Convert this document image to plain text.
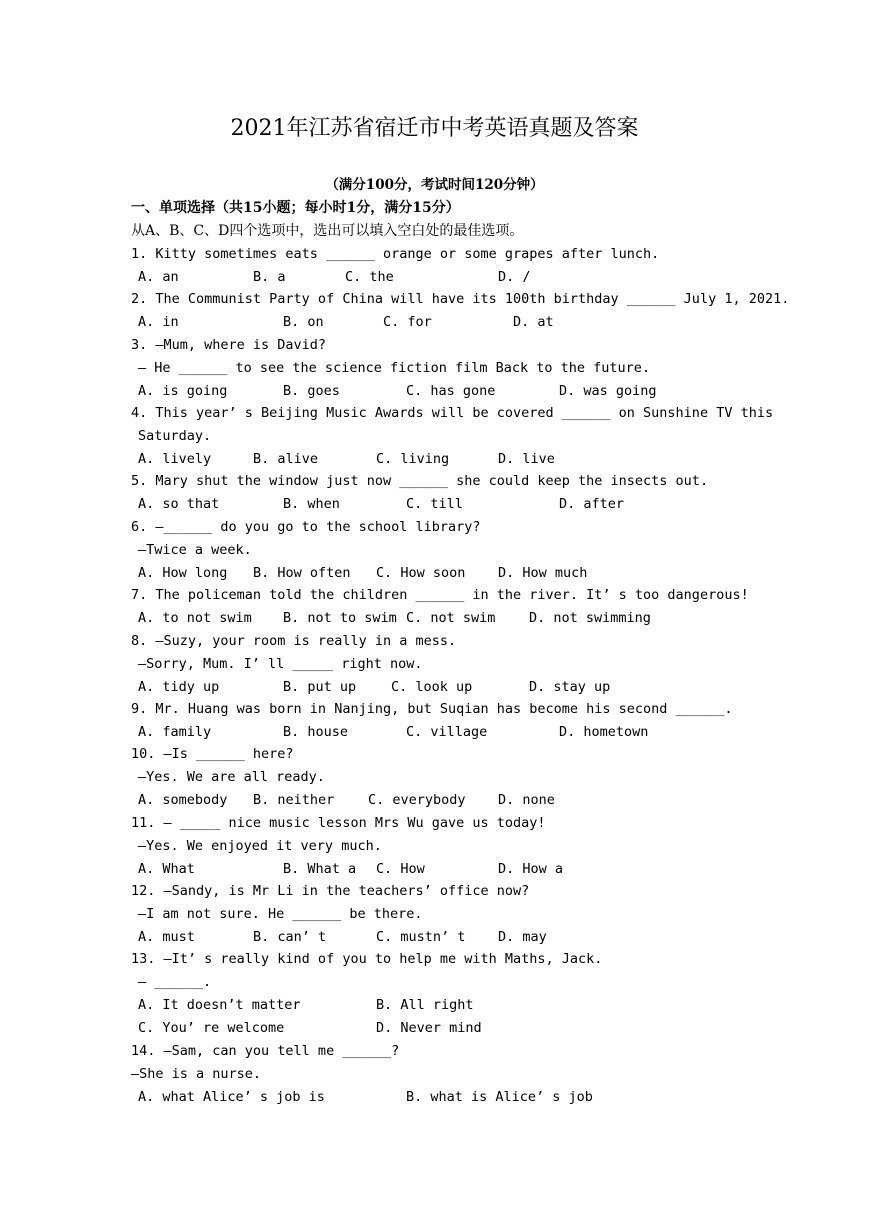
2021年江苏省宿迁市中考英语真题及答案
（满分100分，考试时间120分钟）
一、单项选择（共15小题；每小时1分，满分15分）
从A、B、C、D四个选项中，选出可以填入空白处的最佳选项。
1. Kitty sometimes eats ______ orange or some grapes after lunch.
A. an	B. a	C. the	D. /
2. The Communist Party of China will have its 100th birthday ______ July 1, 2021.
A. in	B. on	C. for	D. at
3. —Mum, where is David?
— He ______ to see the science fiction film Back to the future.
A. is going	B. goes	C. has gone	D. was going
4. This year’ s Beijing Music Awards will be covered ______ on Sunshine TV this
Saturday.
A. lively	B. alive	C. living	D. live
5. Mary shut the window just now ______ she could keep the insects out.
A. so that	B. when	C. till	D. after
6. —______ do you go to the school library?
—Twice a week.
A. How long B. How often C. How soon D. How much
7. The policeman told the children ______ in the river. It’ s too dangerous!
A. to not swim B. not to swim C. not swim D. not swimming
8. —Suzy, your room is really in a mess.
—Sorry, Mum. I’ ll _____ right now.
A. tidy up	B. put up	C. look up	D. stay up
9. Mr. Huang was born in Nanjing, but Suqian has become his second ______.
A. family	B. house	C. village	D. hometown
10. —Is ______ here?
—Yes. We are all ready.
A. somebody B. neither C. everybody D. none
11. — _____ nice music lesson Mrs Wu gave us today!
—Yes. We enjoyed it very much.
A. What	B. What a C. How	D. How a
12. —Sandy, is Mr Li in the teachers’ office now?
—I am not sure. He ______ be there.
A. must	B. can’ t	C. mustn’ t D. may
13. —It’ s really kind of you to help me with Maths, Jack.
— ______.
A. It doesn’t matter	B. All right
C. You’ re welcome	D. Never mind
14. —Sam, can you tell me ______?
—She is a nurse.
A. what Alice’ s job is	B. what is Alice’ s job
